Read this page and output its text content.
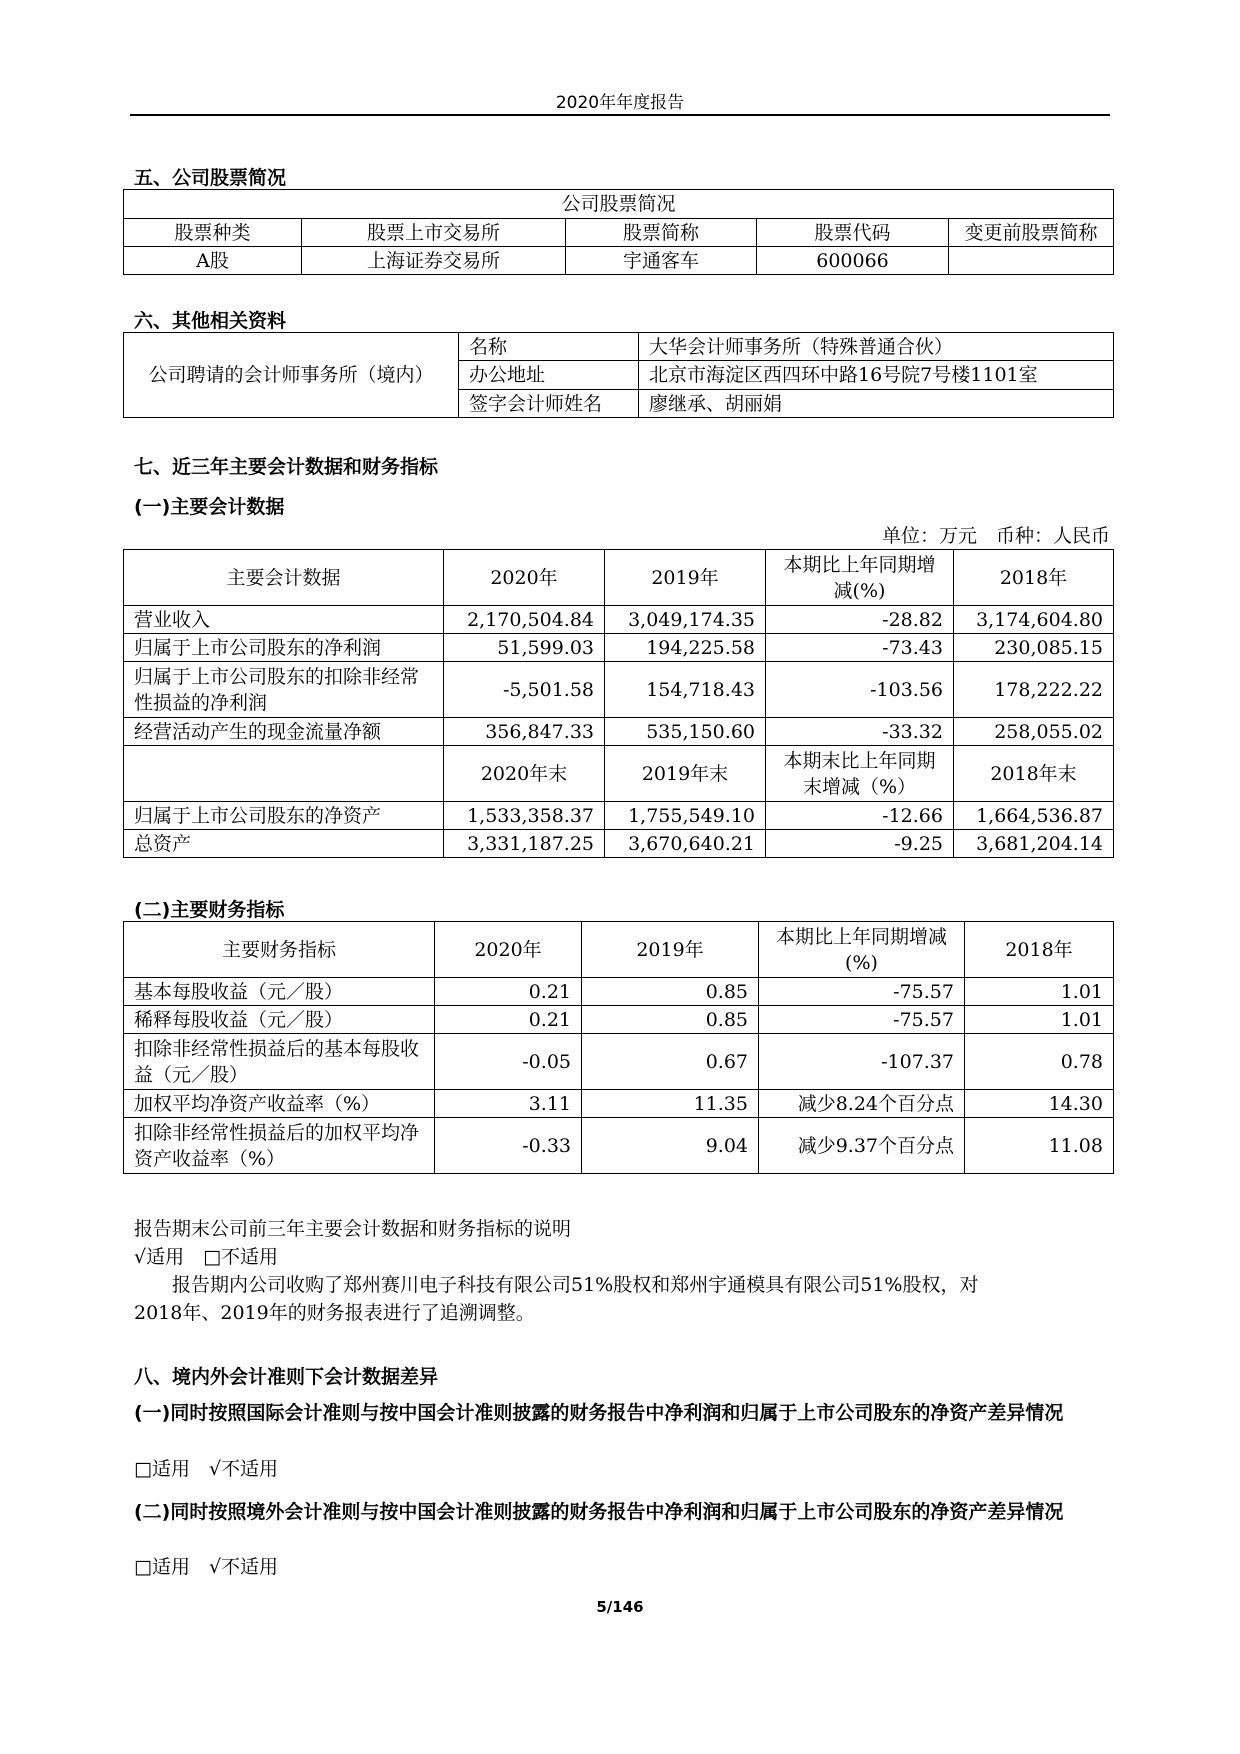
2020年年度报告
五、公司股票简况
公司股票简况				
股票种类	股票上市交易所	股票简称	股票代码	变更前股票简称
A股	上海证券交易所	宇通客车	600066	
六、其他相关资料
公司聘请的会计师事务所（境内）	名称	大华会计师事务所（特殊普通合伙）
	办公地址	北京市海淀区西四环中路16号院7号楼1101室
	签字会计师姓名	廖继承、胡丽娟
七、近三年主要会计数据和财务指标
(一)主要会计数据
单位：万元　币种：人民币
主要会计数据	2020年	2019年	本期比上年同期增减(%)	2018年
营业收入	2,170,504.84	3,049,174.35	-28.82	3,174,604.80
归属于上市公司股东的净利润	51,599.03	194,225.58	-73.43	230,085.15
归属于上市公司股东的扣除非经常性损益的净利润	-5,501.58	154,718.43	-103.56	178,222.22
经营活动产生的现金流量净额	356,847.33	535,150.60	-33.32	258,055.02
	2020年末	2019年末	本期末比上年同期末增减（%）	2018年末
归属于上市公司股东的净资产	1,533,358.37	1,755,549.10	-12.66	1,664,536.87
总资产	3,331,187.25	3,670,640.21	-9.25	3,681,204.14
(二)主要财务指标
主要财务指标	2020年	2019年	本期比上年同期增减(%)	2018年
基本每股收益（元／股）	0.21	0.85	-75.57	1.01
稀释每股收益（元／股）	0.21	0.85	-75.57	1.01
扣除非经常性损益后的基本每股收益（元／股）	-0.05	0.67	-107.37	0.78
加权平均净资产收益率（%）	3.11	11.35	减少8.24个百分点	14.30
扣除非经常性损益后的加权平均净资产收益率（%）	-0.33	9.04	减少9.37个百分点	11.08
报告期末公司前三年主要会计数据和财务指标的说明
√适用　□不适用
报告期内公司收购了郑州赛川电子科技有限公司51%股权和郑州宇通模具有限公司51%股权，对
2018年、2019年的财务报表进行了追溯调整。
八、境内外会计准则下会计数据差异
(一)同时按照国际会计准则与按中国会计准则披露的财务报告中净利润和归属于上市公司股东的净资产差异情况
□适用　√不适用
(二)同时按照境外会计准则与按中国会计准则披露的财务报告中净利润和归属于上市公司股东的净资产差异情况
□适用　√不适用
5/146
